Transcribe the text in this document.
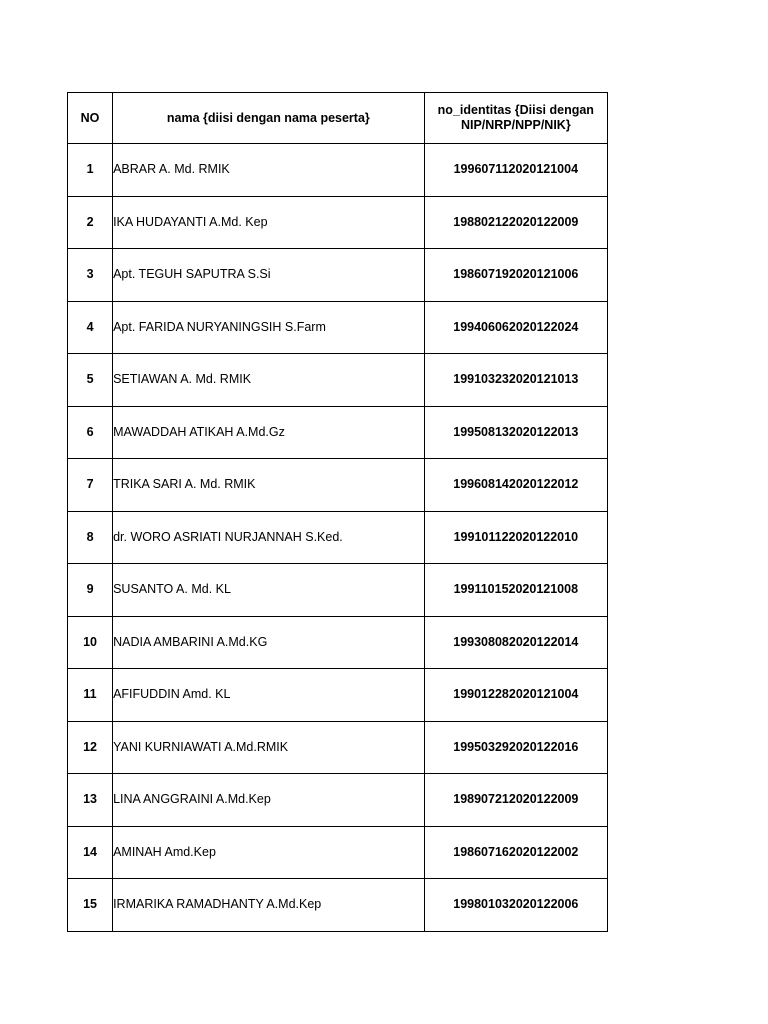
NO	nama {diisi dengan nama peserta}	no_identitas {Diisi dengan NIP/NRP/NPP/NIK}
1	ABRAR A. Md. RMIK	199607112020121004
2	IKA HUDAYANTI A.Md. Kep	198802122020122009
3	Apt. TEGUH SAPUTRA S.Si	198607192020121006
4	Apt. FARIDA NURYANINGSIH S.Farm	199406062020122024
5	SETIAWAN A. Md. RMIK	199103232020121013
6	MAWADDAH ATIKAH A.Md.Gz	199508132020122013
7	TRIKA SARI A. Md. RMIK	199608142020122012
8	dr. WORO ASRIATI NURJANNAH S.Ked.	199101122020122010
9	SUSANTO A. Md. KL	199110152020121008
10	NADIA AMBARINI A.Md.KG	199308082020122014
11	AFIFUDDIN Amd. KL	199012282020121004
12	YANI KURNIAWATI A.Md.RMIK	199503292020122016
13	LINA ANGGRAINI A.Md.Kep	198907212020122009
14	AMINAH Amd.Kep	198607162020122002
15	IRMARIKA RAMADHANTY A.Md.Kep	199801032020122006
